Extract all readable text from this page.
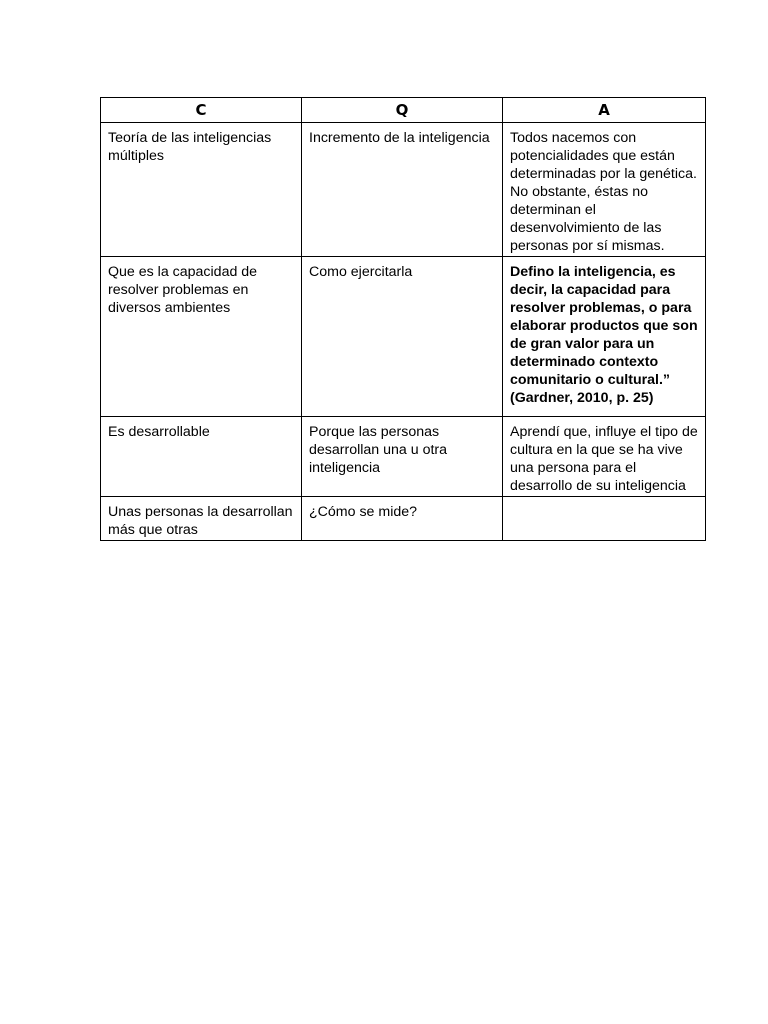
C	Q	A
Teoría de las inteligencias múltiples	Incremento de la inteligencia	Todos nacemos con potencialidades que están determinadas por la genética. No obstante, éstas no determinan el desenvolvimiento de las personas por sí mismas.
Que es la capacidad de resolver problemas en diversos ambientes	Como ejercitarla	Defino la inteligencia, es decir, la capacidad para resolver problemas, o para elaborar productos que son de gran valor para un determinado contexto comunitario o cultural.” (Gardner, 2010, p. 25)
Es desarrollable	Porque las personas desarrollan una u otra inteligencia	Aprendí que, influye el tipo de cultura en la que se ha vive una persona para el desarrollo de su inteligencia
Unas personas la desarrollan más que otras	¿Cómo se mide?	
